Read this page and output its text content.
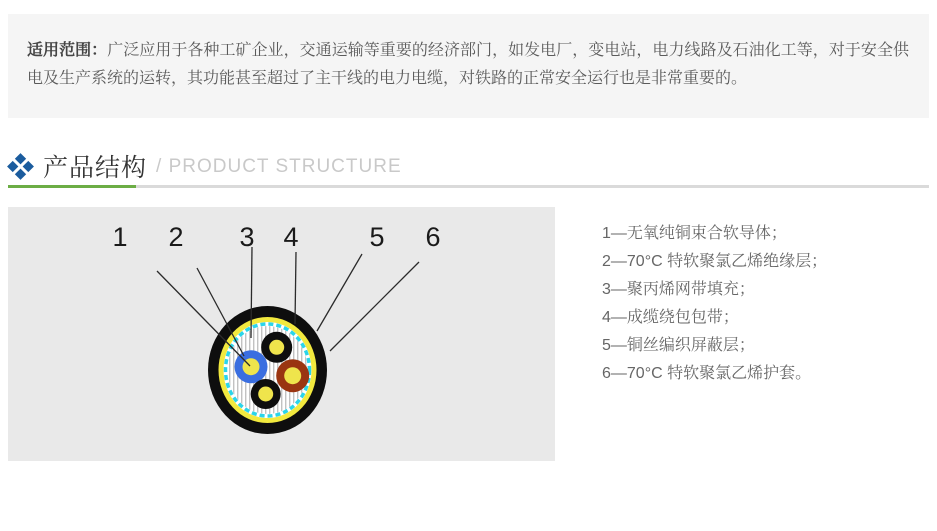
适用范围：广泛应用于各种工矿企业，交通运输等重要的经济部门，如发电厂，变电站，电力线路及石油化工等，对于安全供电及生产系统的运转，其功能甚至超过了主干线的电力电缆，对铁路的正常安全运行也是非常重要的。
产品结构 / PRODUCT STRUCTURE
1 2 3 4	5 6	1—无氧纯铜束合软导体；
2—70°C 特软聚氯乙烯绝缘层；
3—聚丙烯网带填充；
4—成缆绕包包带；
5—铜丝编织屏蔽层；
6—70°C 特软聚氯乙烯护套。
